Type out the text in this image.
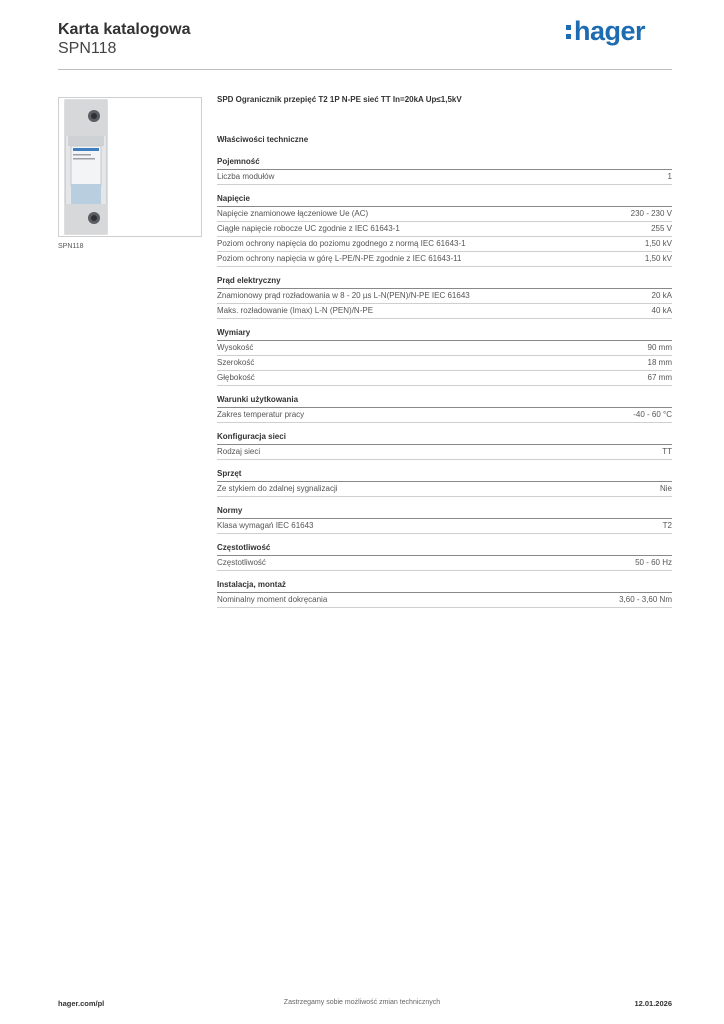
Karta katalogowa
SPN118
hager
SPN118
SPD Ogranicznik przepięć T2 1P N-PE sieć TT In=20kA Up≤1,5kV
Właściwości techniczne
Pojemność
Liczba modułów	1
Napięcie
Napięcie znamionowe łączeniowe Ue (AC)	230 - 230 V
Ciągłe napięcie robocze UC zgodnie z IEC 61643-1	255 V
Poziom ochrony napięcia do poziomu zgodnego z normą IEC 61643-1	1,50 kV
Poziom ochrony napięcia w górę L-PE/N-PE zgodnie z IEC 61643-11	1,50 kV
Prąd elektryczny
Znamionowy prąd rozładowania w 8 - 20 µs L-N(PEN)/N-PE IEC 61643	20 kA
Maks. rozładowanie (Imax) L-N (PEN)/N-PE	40 kA
Wymiary
Wysokość	90 mm
Szerokość	18 mm
Głębokość	67 mm
Warunki użytkowania
Zakres temperatur pracy	-40 - 60 °C
Konfiguracja sieci
Rodzaj sieci	TT
Sprzęt
Ze stykiem do zdalnej sygnalizacji	Nie
Normy
Klasa wymagań IEC 61643	T2
Częstotliwość
Częstotliwość	50 - 60 Hz
Instalacja, montaż
Nominalny moment dokręcania	3,60 - 3,60 Nm
hager.com/pl	Zastrzegamy sobie możliwość zmian technicznych	12.01.2026
